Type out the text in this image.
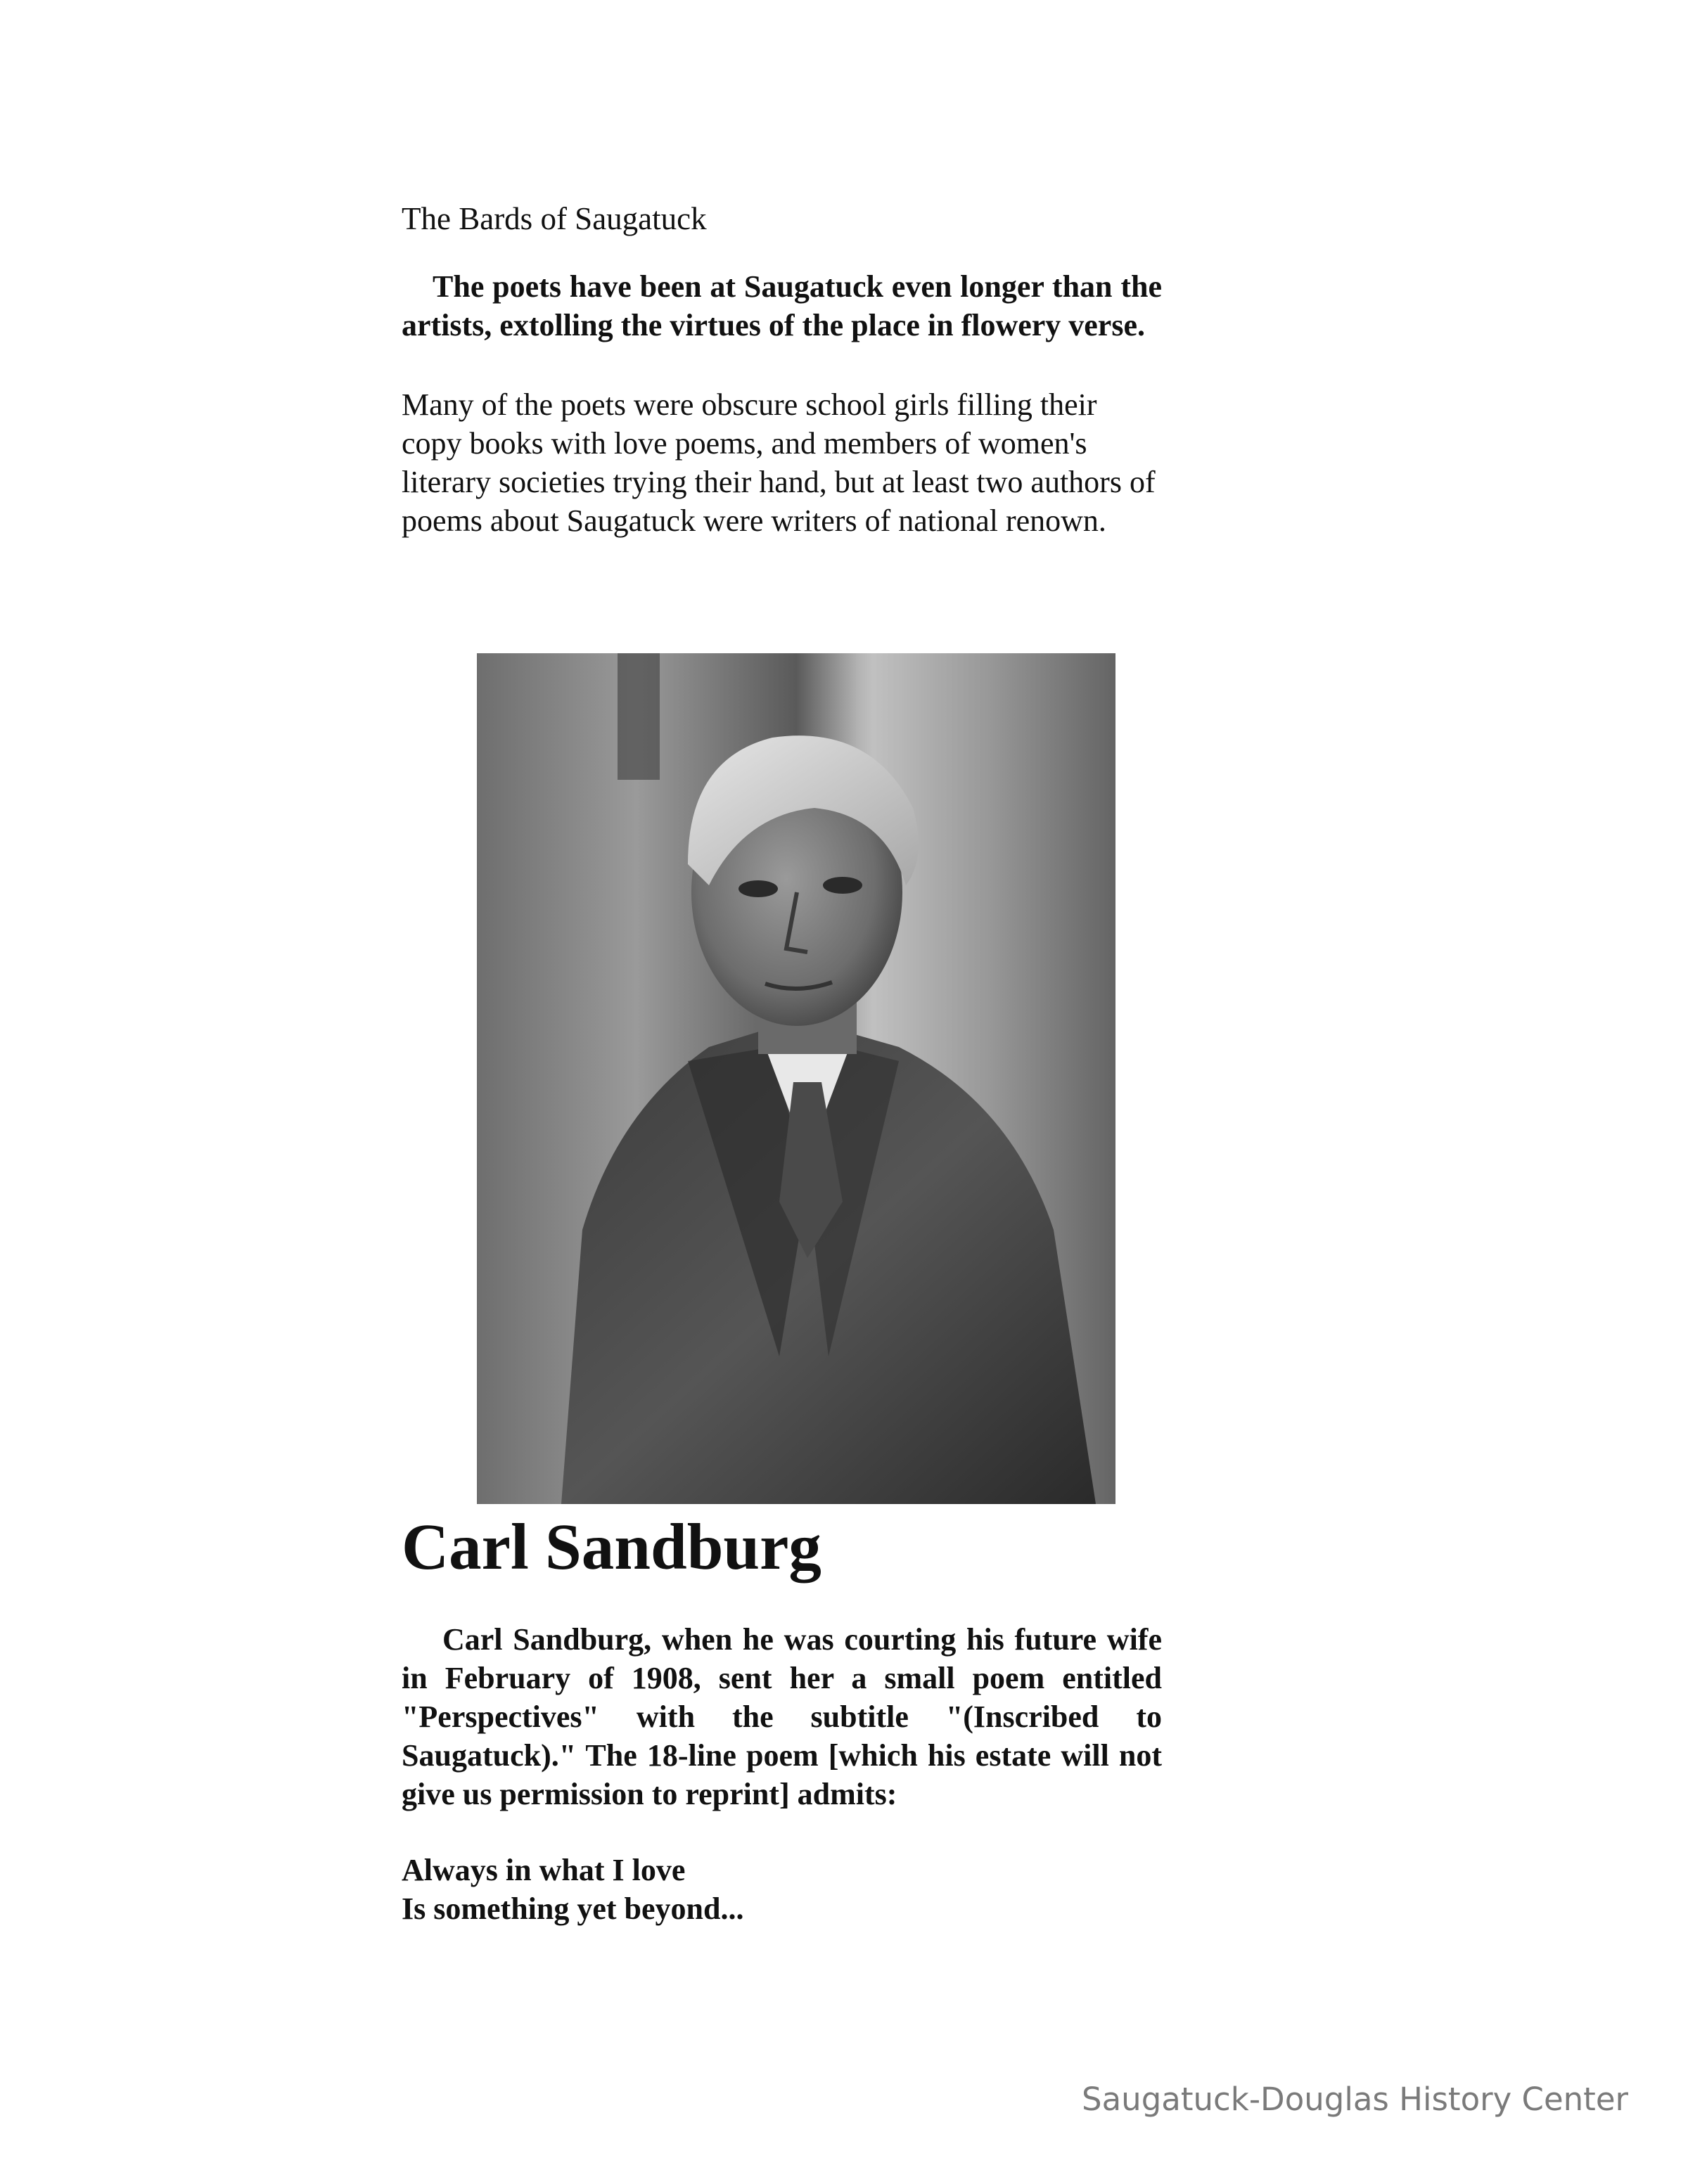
The Bards of Saugatuck

The poets have been at Saugatuck even longer than the artists, extolling the virtues of the place in flowery verse.

Many of the poets were obscure school girls filling their copy books with love poems, and members of women's literary societies trying their hand, but at least two authors of poems about Saugatuck were writers of national renown.

Carl Sandburg

Carl Sandburg, when he was courting his future wife in February of 1908, sent her a small poem entitled "Perspectives" with the subtitle "(Inscribed to Saugatuck)." The 18-line poem [which his estate will not give us permission to reprint] admits:

Always in what I love
Is something yet beyond...

Saugatuck-Douglas History Center
